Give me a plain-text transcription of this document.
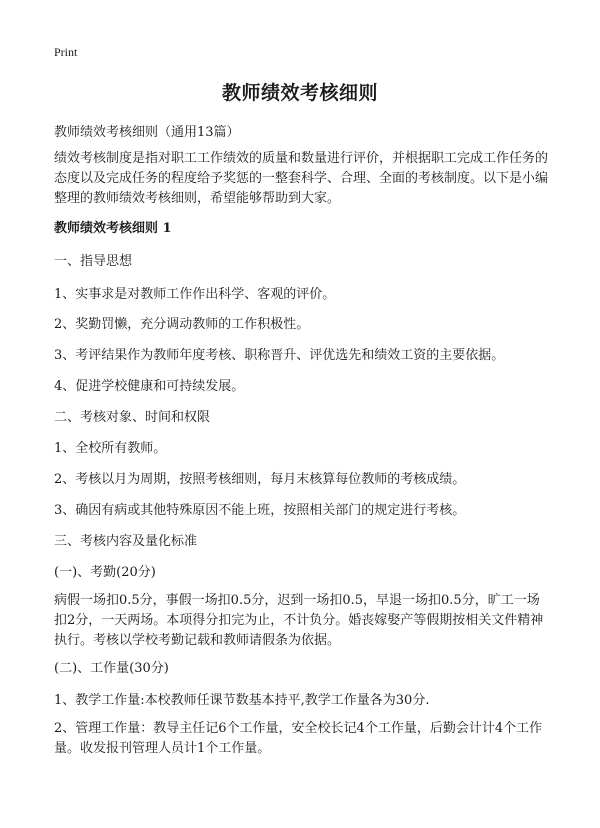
Print
教师绩效考核细则
教师绩效考核细则（通用13篇）
绩效考核制度是指对职工工作绩效的质量和数量进行评价，并根据职工完成工作任务的态度以及完成任务的程度给予奖惩的一整套科学、合理、全面的考核制度。以下是小编整理的教师绩效考核细则，希望能够帮助到大家。
教师绩效考核细则 1
一、指导思想
1、实事求是对教师工作作出科学、客观的评价。
2、奖勤罚懒，充分调动教师的工作积极性。
3、考评结果作为教师年度考核、职称晋升、评优选先和绩效工资的主要依据。
4、促进学校健康和可持续发展。
二、考核对象、时间和权限
1、全校所有教师。
2、考核以月为周期，按照考核细则，每月末核算每位教师的考核成绩。
3、确因有病或其他特殊原因不能上班，按照相关部门的规定进行考核。
三、考核内容及量化标准
(一)、考勤(20分)
病假一场扣0.5分，事假一场扣0.5分，迟到一场扣0.5，早退一场扣0.5分，旷工一场扣2分，一天两场。本项得分扣完为止，不计负分。婚丧嫁娶产等假期按相关文件精神执行。考核以学校考勤记载和教师请假条为依据。
(二)、工作量(30分)
1、教学工作量:本校教师任课节数基本持平,教学工作量各为30分.
2、管理工作量：教导主任记6个工作量，安全校长记4个工作量，后勤会计计4个工作量。收发报刊管理人员计1个工作量。
